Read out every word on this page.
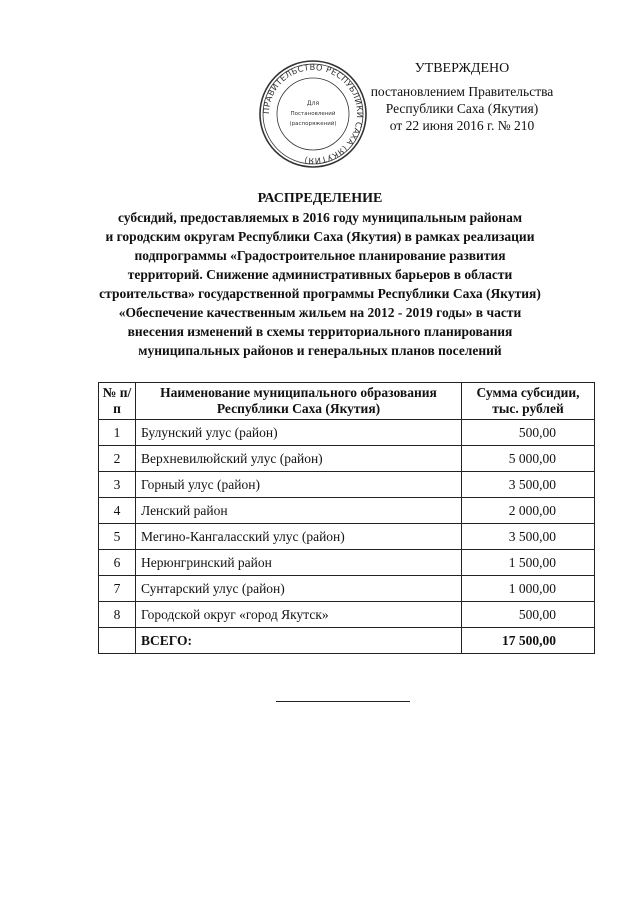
УТВЕРЖДЕНО
постановлением Правительства
Республики Саха (Якутия)
от 22 июня 2016 г. № 210
ПРАВИТЕЛЬСТВО РЕСПУБЛИКИ САХА (ЯКУТИЯ)
Для
Постановлений
(распоряжений)
РАСПРЕДЕЛЕНИЕ
субсидий, предоставляемых в 2016 году муниципальным районам
и городским округам Республики Саха (Якутия) в рамках реализации
подпрограммы «Градостроительное планирование развития
территорий. Снижение административных барьеров в области
строительства» государственной программы Республики Саха (Якутия)
«Обеспечение качественным жильем на 2012 - 2019 годы» в части
внесения изменений в схемы территориального планирования
муниципальных районов и генеральных планов поселений
№ п/п	Наименование муниципального образования Республики Саха (Якутия)	Сумма субсидии, тыс. рублей
1	Булунский улус (район)	500,00
2	Верхневилюйский улус (район)	5 000,00
3	Горный улус (район)	3 500,00
4	Ленский район	2 000,00
5	Мегино-Кангаласский улус (район)	3 500,00
6	Нерюнгринский район	1 500,00
7	Сунтарский улус (район)	1 000,00
8	Городской округ «город Якутск»	500,00
	ВСЕГО:	17 500,00
